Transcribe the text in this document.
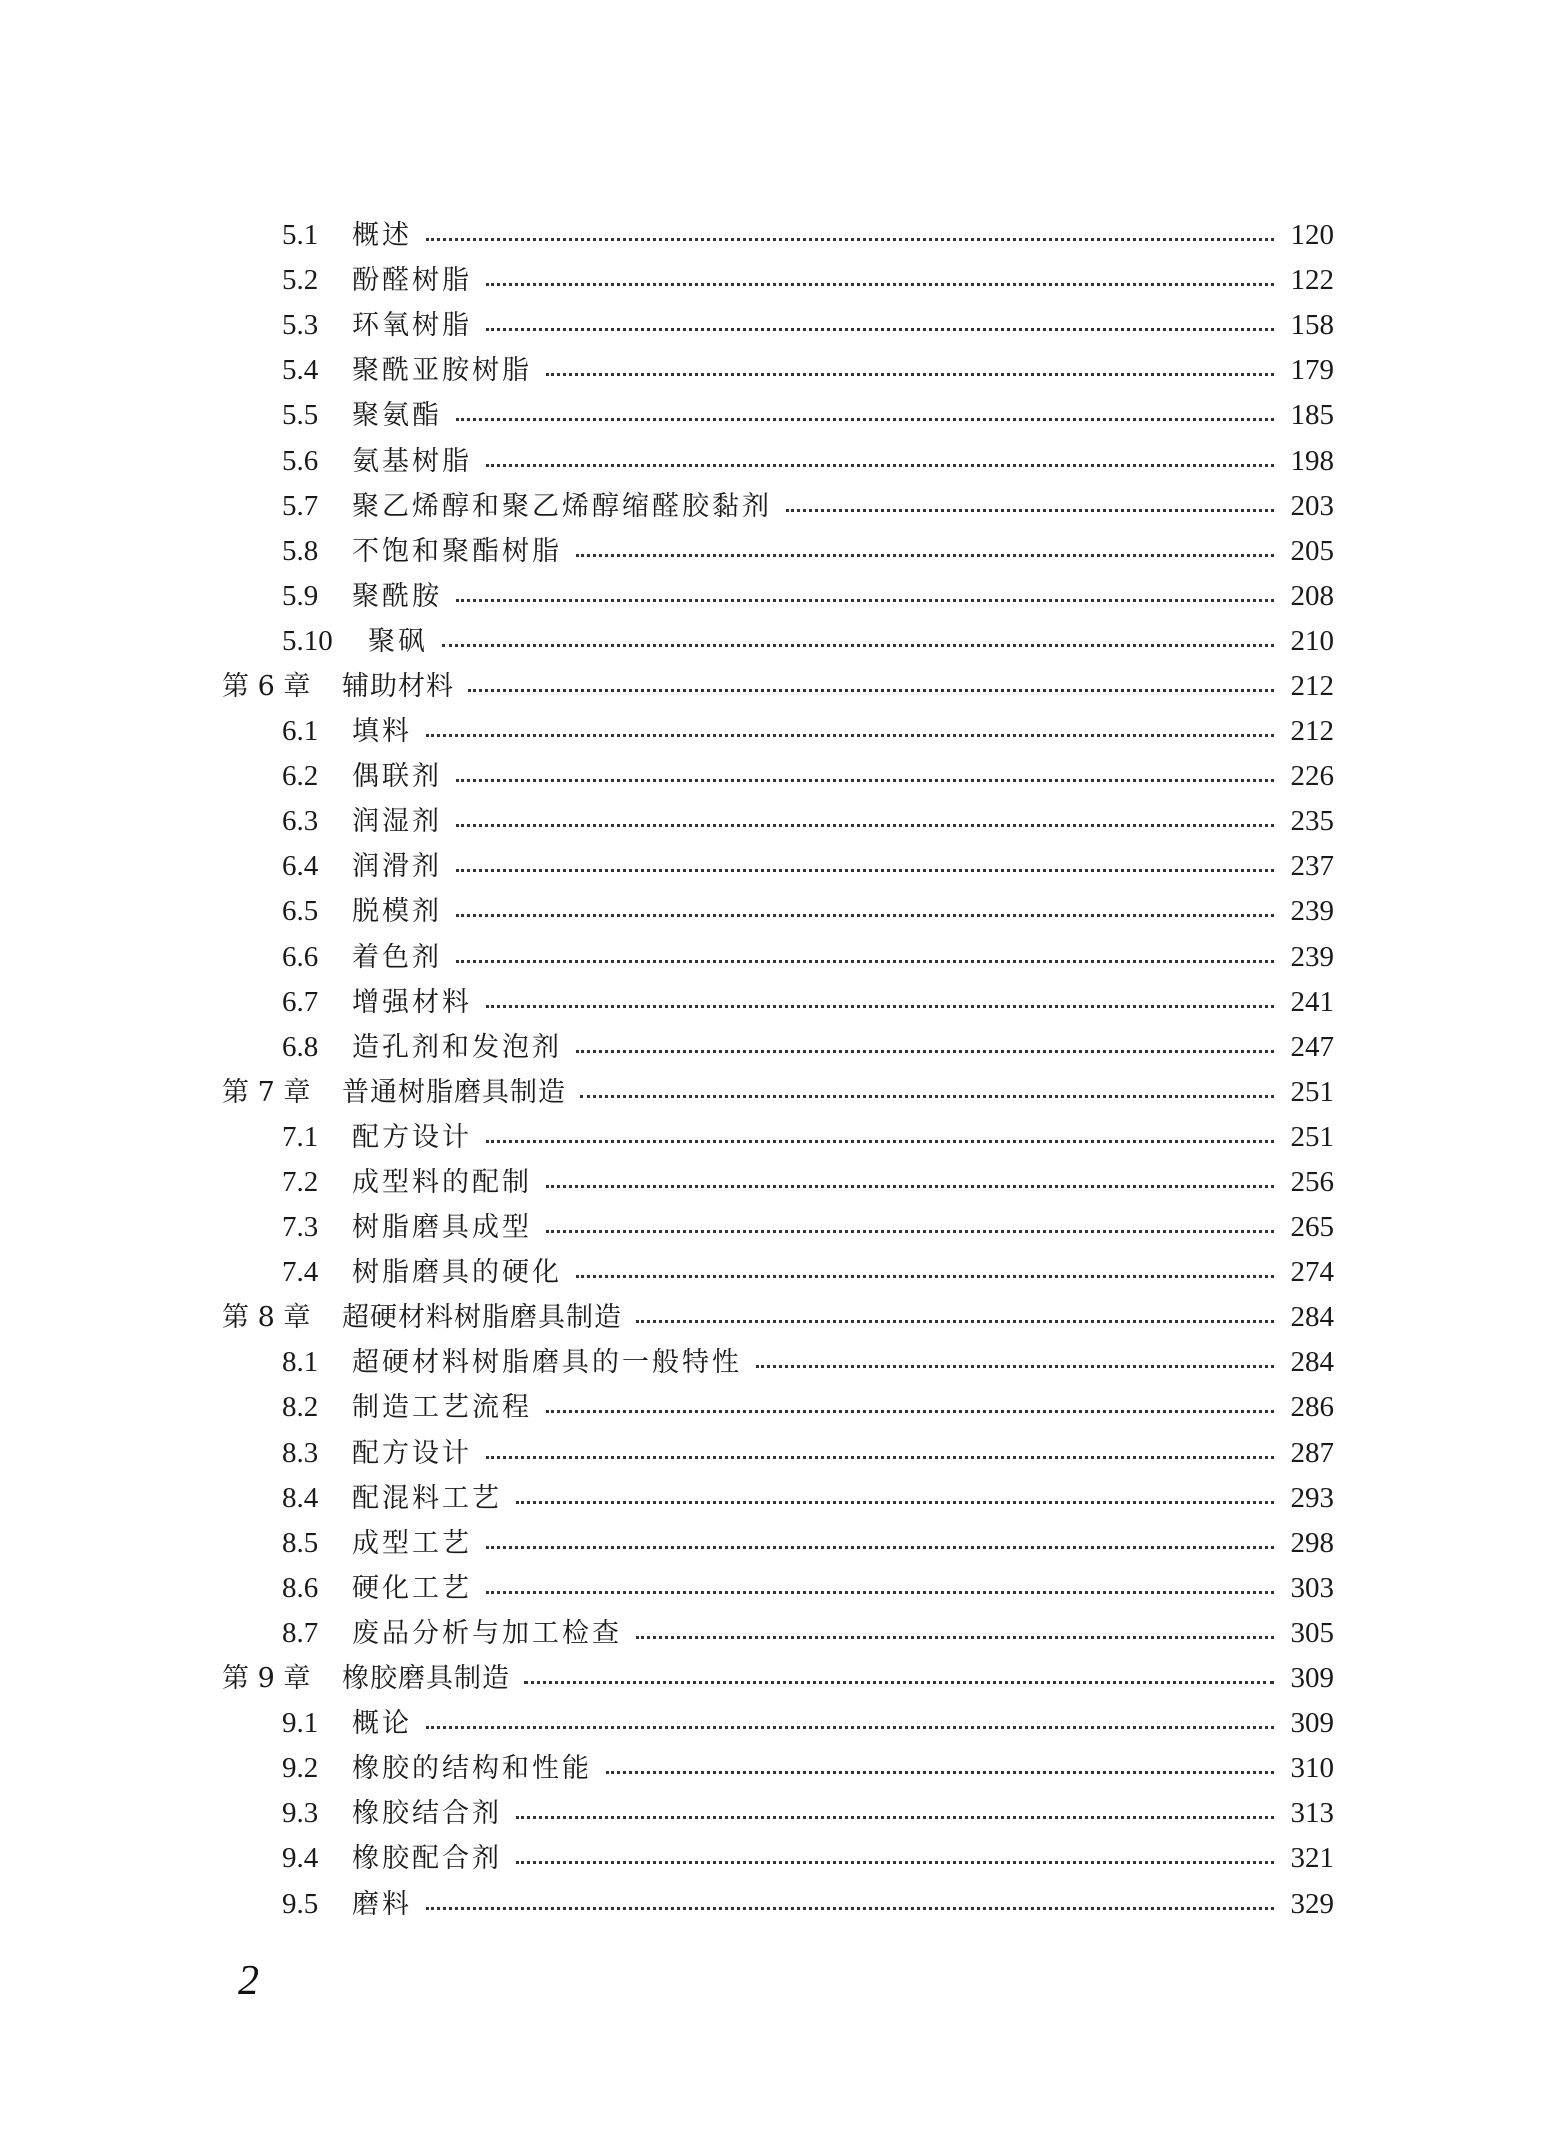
5.1	概述	120
5.2	酚醛树脂	122
5.3	环氧树脂	158
5.4	聚酰亚胺树脂	179
5.5	聚氨酯	185
5.6	氨基树脂	198
5.7	聚乙烯醇和聚乙烯醇缩醛胶黏剂	203
5.8	不饱和聚酯树脂	205
5.9	聚酰胺	208
5.10	聚砜	210
第 6 章	辅助材料	212
6.1	填料	212
6.2	偶联剂	226
6.3	润湿剂	235
6.4	润滑剂	237
6.5	脱模剂	239
6.6	着色剂	239
6.7	增强材料	241
6.8	造孔剂和发泡剂	247
第 7 章	普通树脂磨具制造	251
7.1	配方设计	251
7.2	成型料的配制	256
7.3	树脂磨具成型	265
7.4	树脂磨具的硬化	274
第 8 章	超硬材料树脂磨具制造	284
8.1	超硬材料树脂磨具的一般特性	284
8.2	制造工艺流程	286
8.3	配方设计	287
8.4	配混料工艺	293
8.5	成型工艺	298
8.6	硬化工艺	303
8.7	废品分析与加工检查	305
第 9 章	橡胶磨具制造	309
9.1	概论	309
9.2	橡胶的结构和性能	310
9.3	橡胶结合剂	313
9.4	橡胶配合剂	321
9.5	磨料	329
2
